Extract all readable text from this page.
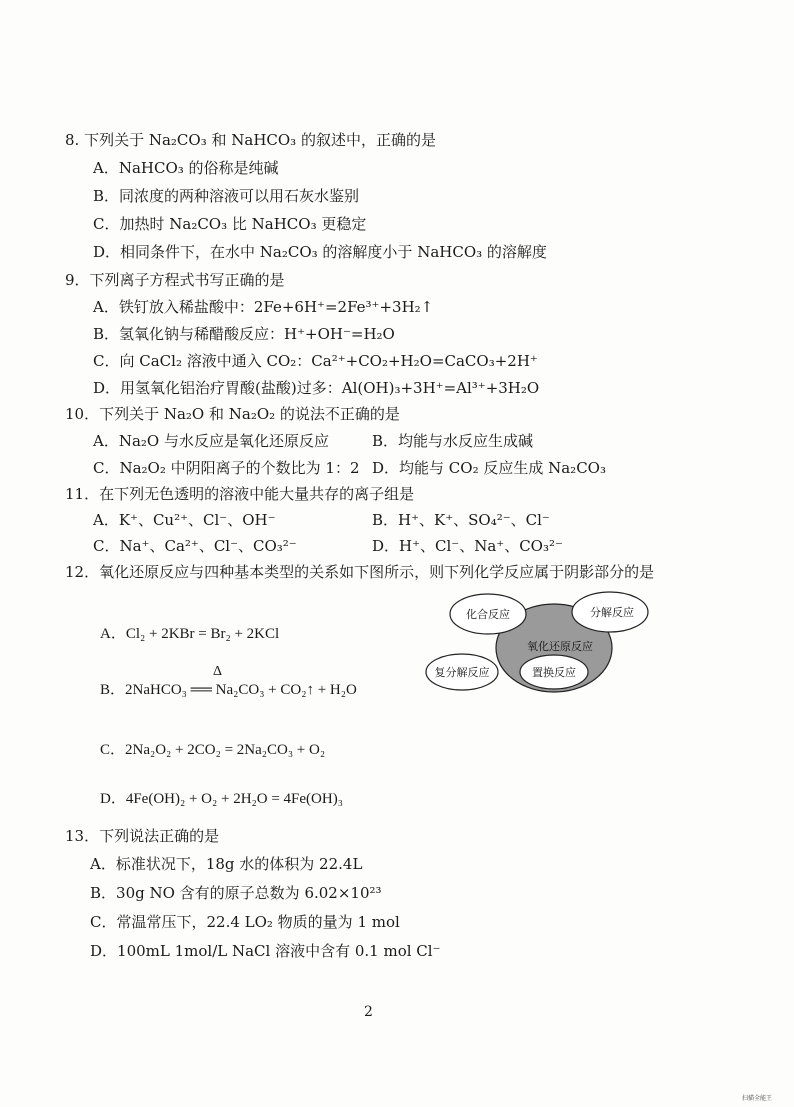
8. 下列关于 Na₂CO₃ 和 NaHCO₃ 的叙述中，正确的是
A．NaHCO₃ 的俗称是纯碱
B．同浓度的两种溶液可以用石灰水鉴别
C．加热时 Na₂CO₃ 比 NaHCO₃ 更稳定
D．相同条件下，在水中 Na₂CO₃ 的溶解度小于 NaHCO₃ 的溶解度
9．下列离子方程式书写正确的是
A．铁钉放入稀盐酸中：2Fe+6H⁺=2Fe³⁺+3H₂↑
B．氢氧化钠与稀醋酸反应：H⁺+OH⁻=H₂O
C．向 CaCl₂ 溶液中通入 CO₂：Ca²⁺+CO₂+H₂O=CaCO₃+2H⁺
D．用氢氧化铝治疗胃酸(盐酸)过多：Al(OH)₃+3H⁺=Al³⁺+3H₂O
10．下列关于 Na₂O 和 Na₂O₂ 的说法不正确的是
A．Na₂O 与水反应是氧化还原反应	B．均能与水反应生成碱
C．Na₂O₂ 中阴阳离子的个数比为 1：2 D．均能与 CO₂ 反应生成 Na₂CO₃
11．在下列无色透明的溶液中能大量共存的离子组是
A．K⁺、Cu²⁺、Cl⁻、OH⁻	B．H⁺、K⁺、SO₄²⁻、Cl⁻
C．Na⁺、Ca²⁺、Cl⁻、CO₃²⁻	D．H⁺、Cl⁻、Na⁺、CO₃²⁻
12．氧化还原反应与四种基本类型的关系如下图所示，则下列化学反应属于阴影部分的是
A．Cl₂ + 2KBr = Br₂ + 2KCl
Δ
B．2NaHCO₃ ══ Na₂CO₃ + CO₂↑ + H₂O
C．2Na₂O₂ + 2CO₂ = 2Na₂CO₃ + O₂
D．4Fe(OH)₂ + O₂ + 2H₂O = 4Fe(OH)₃
化合反应	分解反应
氧化还原反应
复分解反应	置换反应
13．下列说法正确的是
A．标准状况下，18g 水的体积为 22.4L
B．30g NO 含有的原子总数为 6.02×10²³
C．常温常压下，22.4 LO₂ 物质的量为 1 mol
D．100mL 1mol/L NaCl 溶液中含有 0.1 mol Cl⁻
2
扫描全能王
